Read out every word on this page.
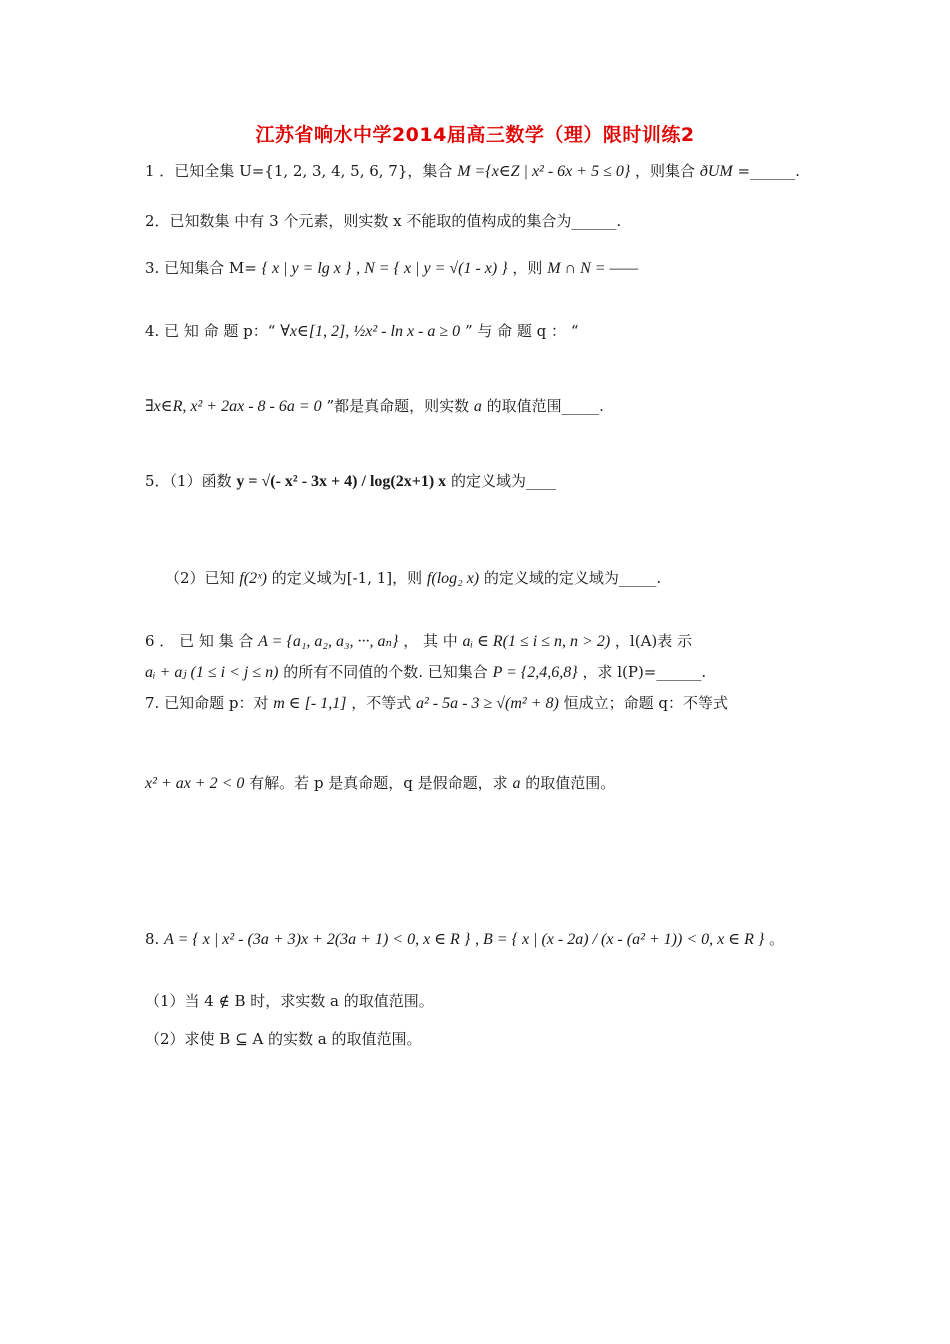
江苏省响水中学2014届高三数学（理）限时训练2
1 ．已知全集 U={1, 2, 3, 4, 5, 6, 7}，集合 M ={x∈Z | x² - 6x + 5 ≤ 0} ，则集合 ðUM =______.
2．已知数集 中有 3 个元素，则实数 x 不能取的值构成的集合为______.
3. 已知集合 M= { x | y = lg x } , N = { x | y = √(1 - x) } ，则 M ∩ N = ——
4. 已 知 命 题 p：“ ∀x∈[1, 2], ½x² - ln x - a ≥ 0 ” 与 命 题 q ： “
∃x∈R, x² + 2ax - 8 - 6a = 0 ”都是真命题，则实数 a 的取值范围_____.
5．（1）函数 y = √(- x² - 3x + 4) / log(2x+1) x 的定义域为____
（2）已知 f(2ˣ) 的定义域为[-1, 1]，则 f(log₂ x) 的定义域的定义域为_____.
6 ． 已 知 集 合 A = {a₁, a₂, a₃, ···, aₙ} ， 其 中 aᵢ ∈ R(1 ≤ i ≤ n, n > 2) ，l(A)表 示
aᵢ + aⱼ (1 ≤ i < j ≤ n) 的所有不同值的个数. 已知集合 P = {2,4,6,8} ，求 l(P)=______.
7. 已知命题 p：对 m ∈ [- 1,1] ，不等式 a² - 5a - 3 ≥ √(m² + 8) 恒成立；命题 q：不等式
x² + ax + 2 < 0 有解。若 p 是真命题，q 是假命题，求 a 的取值范围。
8. A = { x | x² - (3a + 3)x + 2(3a + 1) < 0, x ∈ R } , B = { x | (x - 2a) / (x - (a² + 1)) < 0, x ∈ R } 。
（1）当 4 ∉ B 时，求实数 a 的取值范围。
（2）求使 B ⊆ A 的实数 a 的取值范围。
